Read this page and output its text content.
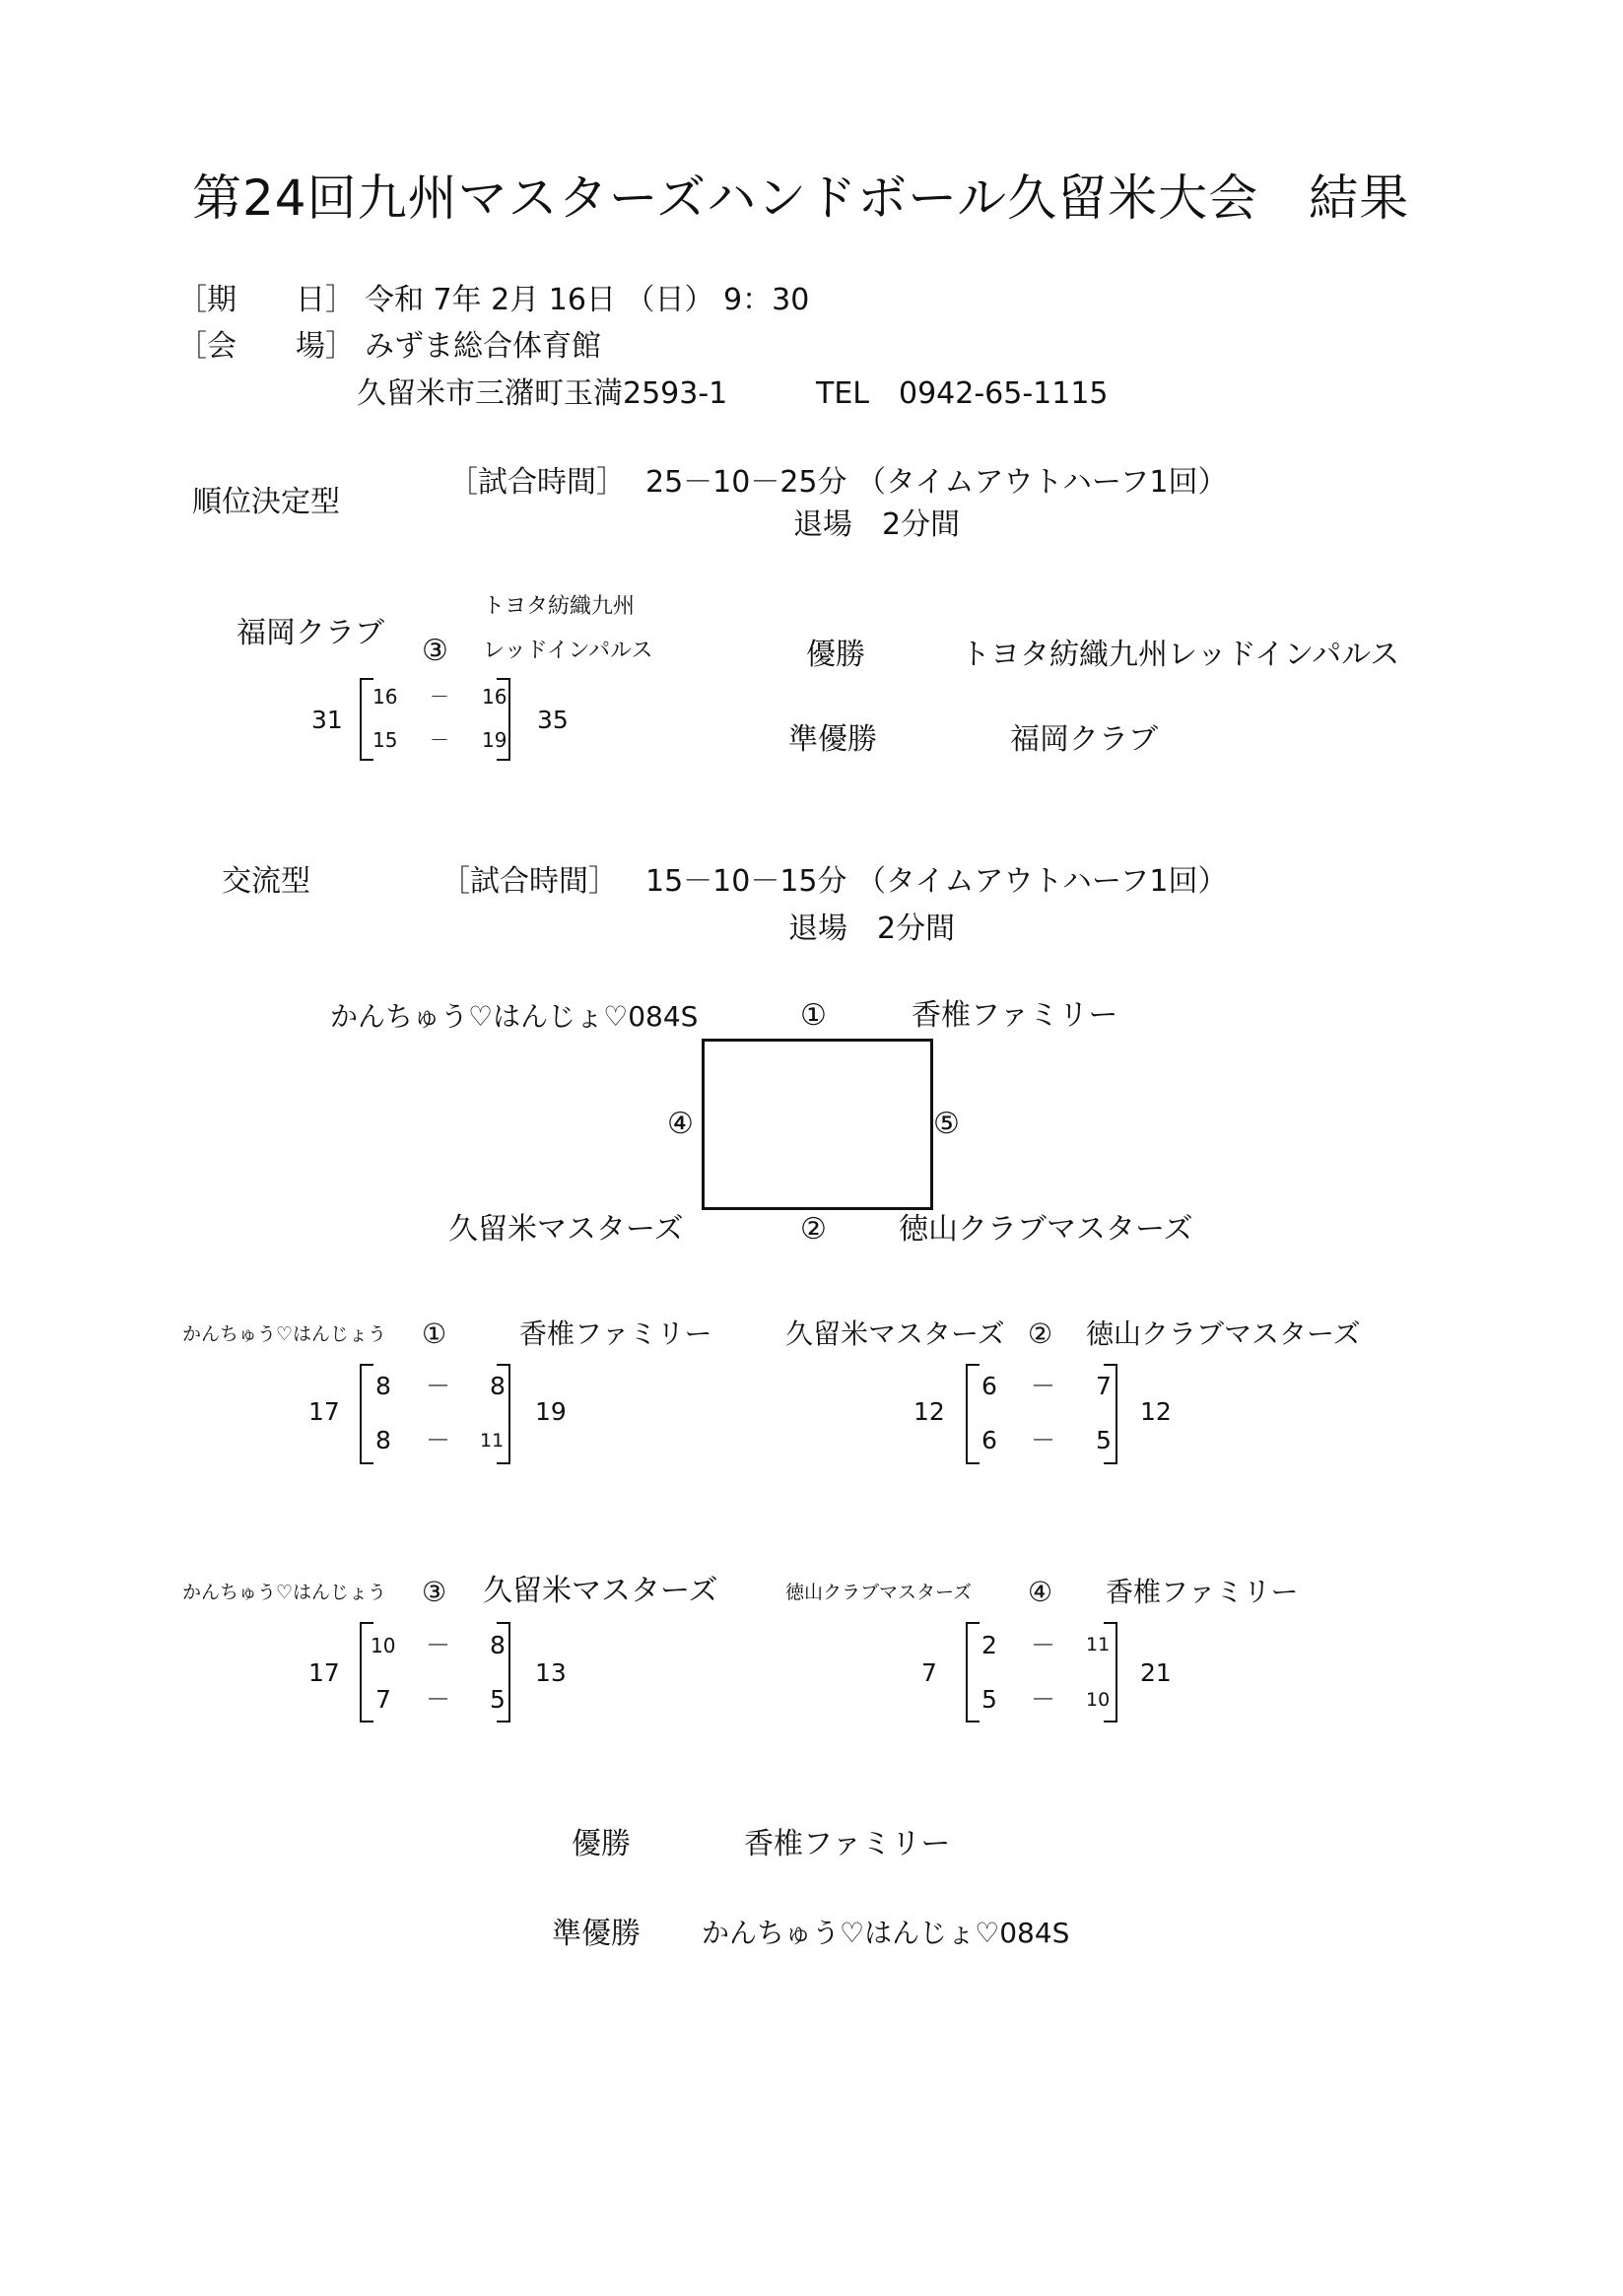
第24回九州マスターズハンドボール久留米大会　結果
［期　　日］ 令和 7年 2月 16日 （日） 9：30
［会　　場］ みずま総合体育館
久留米市三潴町玉満2593-1	TEL　0942-65-1115
順位決定型
［試合時間］ 25－10－25分 （タイムアウトハーフ1回）
退場　2分間
福岡クラブ
トヨタ紡織九州
レッドインパルス
③
31	35
16 － 16
15 － 19
優勝	トヨタ紡織九州レッドインパルス
準優勝	福岡クラブ
交流型	［試合時間］ 15－10－15分 （タイムアウトハーフ1回）
退場　2分間
かんちゅう♡はんじょ♡084S	香椎ファミリー
①
④	⑤
久留米マスターズ	② 徳山クラブマスターズ
かんちゅう♡はんじょう ①	香椎ファミリー
17	19
8 － 8
8 － 11
久留米マスターズ ② 徳山クラブマスターズ
12	12
6 － 7
6 － 5
かんちゅう♡はんじょう ③ 久留米マスターズ
17	13
10 － 8
7 － 5
徳山クラブマスターズ ④ 香椎ファミリー
7	21
2 － 11
5 － 10
優勝	香椎ファミリー
準優勝 かんちゅう♡はんじょ♡084S
